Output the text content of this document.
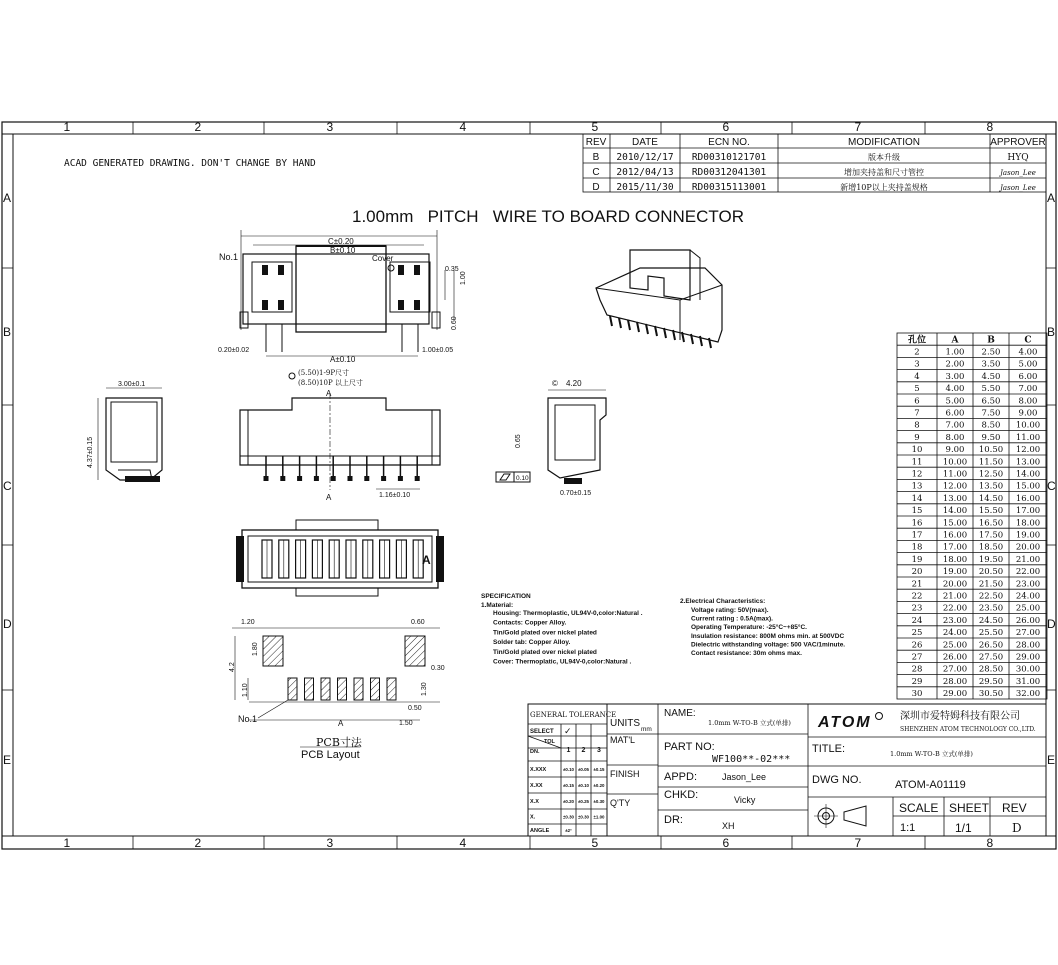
1
1
2
2
3
3
4
4
5
5
6
6
7
7
8
8
A	A
B	B
C	C
D	D
E	E
ACAD GENERATED DRAWING. DON'T CHANGE BY HAND
1.00mm   PITCH   WIRE TO BOARD CONNECTOR
REV	DATE	ECN NO.	MODIFICATION	APPROVER
B 2010/12/17 RD00310121701	版本升级	HYQ
C 2012/04/13 RD00312041301	增加夹持盖和尺寸管控	Jason_Lee
D 2015/11/30 RD00315113001	新增10P以上夹持盖规格	Jason_Lee
C±0.20
B±0.10
A±0.10
Cover
No.1
0.35
1.00
0.60
0.20±0.02	1.00±0.05
3.00±0.1
4.37±0.15
(5.50)1-9P尺寸
(8.50)10P 以上尺寸
A
A	1.16±0.10
© 4.20
0.65
0.10
0.70±0.15
A
1.20	0.60
1.80
4.2	0.30
1.10
0.50
1.30
A	1.50
No.1
PCB寸法
PCB Layout
SPECIFICATION
1.Material:
Housing: Thermoplastic, UL94V-0,color:Natural .
Contacts: Copper Alloy.
Tin/Gold plated over nickel plated
Solder tab: Copper Alloy.
Tin/Gold plated over nickel plated
Cover: Thermoplatic, UL94V-0,color:Natural .
2.Electrical Characteristics:
Voltage rating: 50V(max).
Current rating : 0.5A(max).
Operating Temperature: -25°C~+85°C.
Insulation resistance: 800M ohms min. at 500VDC
Dielectric withstanding voltage: 500 VAC/1minute.
Contact resistance: 30m ohms max.
孔位	A	B	C
2	1.00 2.50 4.00
3	2.00 3.50 5.00
4	3.00 4.50 6.00
5	4.00 5.50 7.00
6	5.00 6.50 8.00
7	6.00 7.50 9.00
8	7.00 8.50 10.00
9	8.00 9.50 11.00
10	9.00 10.50 12.00
11 10.00 11.50 13.00
12 11.00 12.50 14.00
13 12.00 13.50 15.00
14 13.00 14.50 16.00
15 14.00 15.50 17.00
16 15.00 16.50 18.00
17 16.00 17.50 19.00
18 17.00 18.50 20.00
19 18.00 19.50 21.00
20 19.00 20.50 22.00
21 20.00 21.50 23.00
22 21.00 22.50 24.00
23 22.00 23.50 25.00
24 23.00 24.50 26.00
25 24.00 25.50 27.00
26 25.00 26.50 28.00
27 26.00 27.50 29.00
28 27.00 28.50 30.00
29 28.00 29.50 31.00
30 29.00 30.50 32.00
GENERAL TOLERANCE
SELECT ✓
TOL
DN.	1 2 3
X.XXX	±0.10 ±0.05 ±0.15
X.XX	±0.15 ±0.10 ±0.20
X.X	±0.20 ±0.25 ±0.30
X.	±0.30 ±0.30 ±1.00
ANGLE	±2°
UNITS
mm
MAT'L
FINISH
Q'TY
NAME:
1.0mm W-TO-B 立式(单排)
PART NO:
WF100**-02***
APPD:	Jason_Lee
CHKD:	Vicky
DR:	XH
ATOM	深圳市爱特姆科技有限公司
SHENZHEN ATOM TECHNOLOGY CO.,LTD.
TITLE:	1.0mm W-TO-B 立式(单排)
DWG NO.	ATOM-A01119
SCALE
1:1
SHEET
1/1
REV
D
